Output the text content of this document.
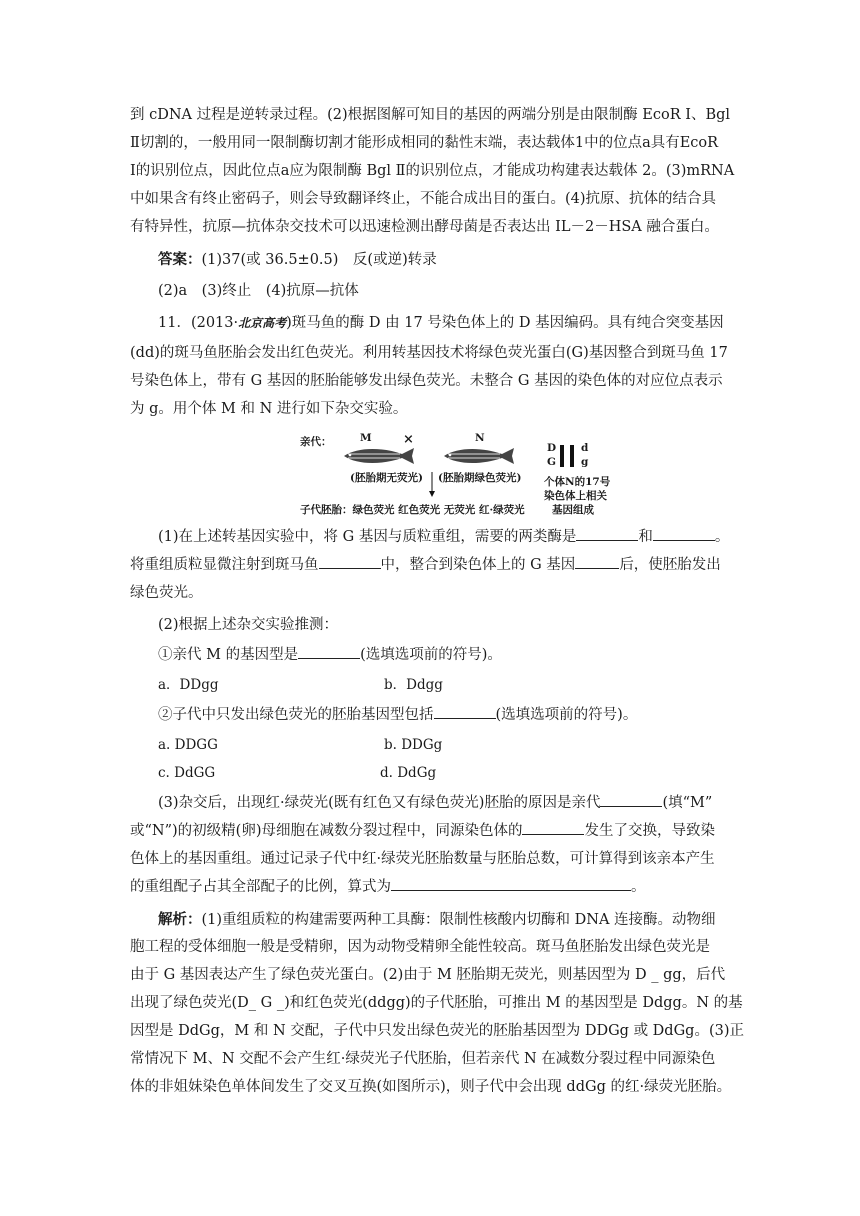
到 cDNA 过程是逆转录过程。(2)根据图解可知目的基因的两端分别是由限制酶 EcoR Ⅰ、Bgl
Ⅱ切割的，一般用同一限制酶切割才能形成相同的黏性末端，表达载体1中的位点a具有EcoR
Ⅰ的识别位点，因此位点a应为限制酶 Bgl Ⅱ的识别位点，才能成功构建表达载体 2。(3)mRNA
中如果含有终止密码子，则会导致翻译终止，不能合成出目的蛋白。(4)抗原、抗体的结合具
有特异性，抗原—抗体杂交技术可以迅速检测出酵母菌是否表达出 IL－2－HSA 融合蛋白。
答案：(1)37(或 36.5±0.5)　反(或逆)转录
(2)a　(3)终止　(4)抗原—抗体
11．(2013·北京高考)斑马鱼的酶 D 由 17 号染色体上的 D 基因编码。具有纯合突变基因
(dd)的斑马鱼胚胎会发出红色荧光。利用转基因技术将绿色荧光蛋白(G)基因整合到斑马鱼 17
号染色体上，带有 G 基因的胚胎能够发出绿色荧光。未整合 G 基因的染色体的对应位点表示
为 g。用个体 M 和 N 进行如下杂交实验。
亲代：	M ×	N
D
G
d
g
(胚胎期无荧光) (胚胎期绿色荧光) 个体N的17号
染色体上相关
基因组成
子代胚胎：绿色荧光 红色荧光 无荧光 红·绿荧光
(1)在上述转基因实验中，将 G 基因与质粒重组，需要的两类酶是	和	。
将重组质粒显微注射到斑马鱼	中，整合到染色体上的 G 基因	后，使胚胎发出
绿色荧光。
(2)根据上述杂交实验推测：
①亲代 M 的基因型是	(选填选项前的符号)。
a．DDgg	b．Ddgg
②子代中只发出绿色荧光的胚胎基因型包括	(选填选项前的符号)。
a. DDGG	b. DDGg
c. DdGG	d. DdGg
(3)杂交后，出现红·绿荧光(既有红色又有绿色荧光)胚胎的原因是亲代	(填“M”
或“N”)的初级精(卵)母细胞在减数分裂过程中，同源染色体的	发生了交换，导致染
色体上的基因重组。通过记录子代中红·绿荧光胚胎数量与胚胎总数，可计算得到该亲本产生
的重组配子占其全部配子的比例，算式为	。
解析：(1)重组质粒的构建需要两种工具酶：限制性核酸内切酶和 DNA 连接酶。动物细
胞工程的受体细胞一般是受精卵，因为动物受精卵全能性较高。斑马鱼胚胎发出绿色荧光是
由于 G 基因表达产生了绿色荧光蛋白。(2)由于 M 胚胎期无荧光，则基因型为 D _ gg，后代
出现了绿色荧光(D_ G _)和红色荧光(ddgg)的子代胚胎，可推出 M 的基因型是 Ddgg。N 的基
因型是 DdGg，M 和 N 交配，子代中只发出绿色荧光的胚胎基因型为 DDGg 或 DdGg。(3)正
常情况下 M、N 交配不会产生红·绿荧光子代胚胎，但若亲代 N 在减数分裂过程中同源染色
体的非姐妹染色单体间发生了交叉互换(如图所示)，则子代中会出现 ddGg 的红·绿荧光胚胎。
